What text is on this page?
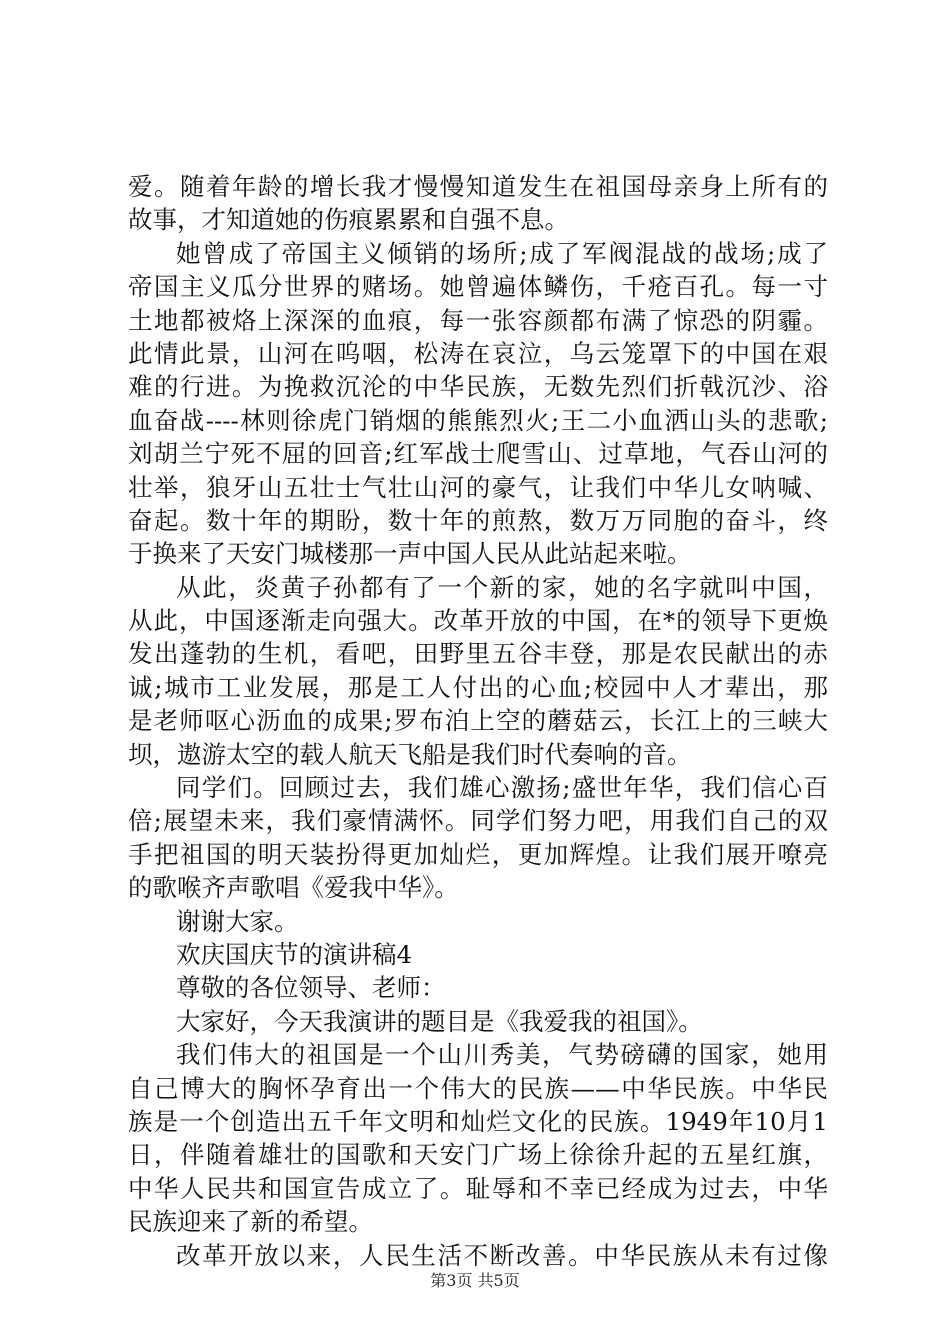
爱。随着年龄的增长我才慢慢知道发生在祖国母亲身上所有的
故事，才知道她的伤痕累累和自强不息。
她曾成了帝国主义倾销的场所;成了军阀混战的战场;成了
帝国主义瓜分世界的赌场。她曾遍体鳞伤，千疮百孔。每一寸
土地都被烙上深深的血痕，每一张容颜都布满了惊恐的阴霾。
此情此景，山河在呜咽，松涛在哀泣，乌云笼罩下的中国在艰
难的行进。为挽救沉沦的中华民族，无数先烈们折戟沉沙、浴
血奋战----林则徐虎门销烟的熊熊烈火;王二小血洒山头的悲歌;
刘胡兰宁死不屈的回音;红军战士爬雪山、过草地，气吞山河的
壮举，狼牙山五壮士气壮山河的豪气，让我们中华儿女呐喊、
奋起。数十年的期盼，数十年的煎熬，数万万同胞的奋斗，终
于换来了天安门城楼那一声中国人民从此站起来啦。
从此，炎黄子孙都有了一个新的家，她的名字就叫中国，
从此，中国逐渐走向强大。改革开放的中国，在*的领导下更焕
发出蓬勃的生机，看吧，田野里五谷丰登，那是农民献出的赤
诚;城市工业发展，那是工人付出的心血;校园中人才辈出，那
是老师呕心沥血的成果;罗布泊上空的蘑菇云，长江上的三峡大
坝，遨游太空的载人航天飞船是我们时代奏响的音。
同学们。回顾过去，我们雄心激扬;盛世年华，我们信心百
倍;展望未来，我们豪情满怀。同学们努力吧，用我们自己的双
手把祖国的明天装扮得更加灿烂，更加辉煌。让我们展开嘹亮
的歌喉齐声歌唱《爱我中华》。
谢谢大家。
欢庆国庆节的演讲稿4
尊敬的各位领导、老师：
大家好，今天我演讲的题目是《我爱我的祖国》。
我们伟大的祖国是一个山川秀美，气势磅礴的国家，她用
自己博大的胸怀孕育出一个伟大的民族——中华民族。中华民
族是一个创造出五千年文明和灿烂文化的民族。1949年10月1
日，伴随着雄壮的国歌和天安门广场上徐徐升起的五星红旗，
中华人民共和国宣告成立了。耻辱和不幸已经成为过去，中华
民族迎来了新的希望。
改革开放以来，人民生活不断改善。中华民族从未有过像
第3页 共5页
